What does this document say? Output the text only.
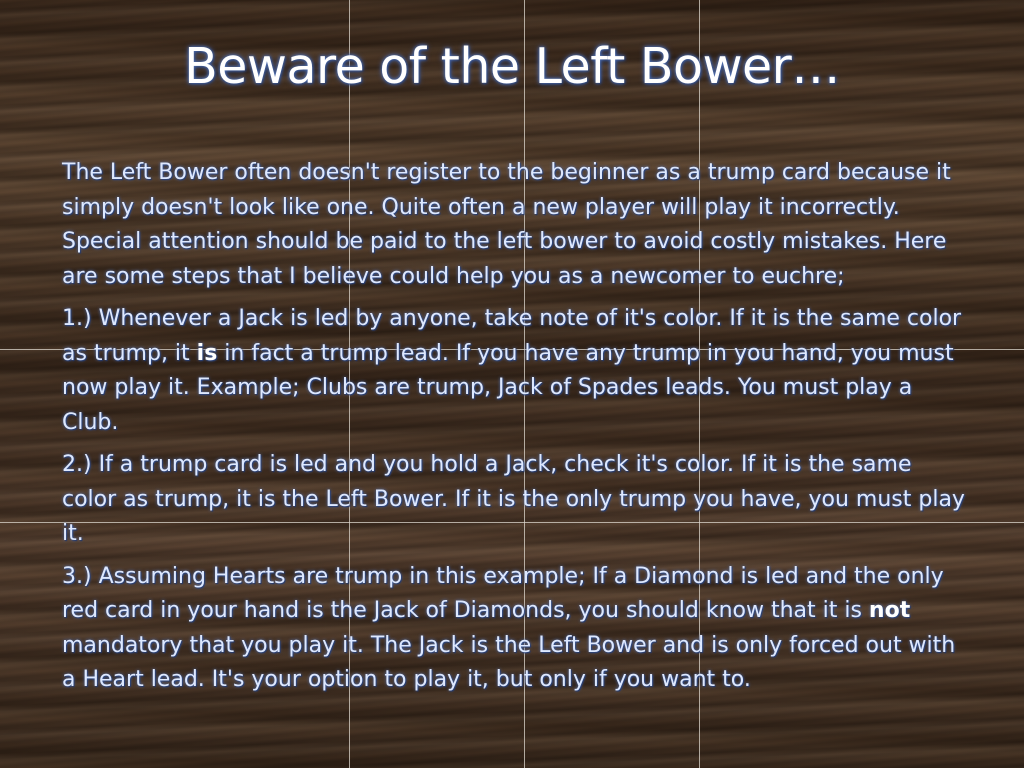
Beware of the Left Bower…

The Left Bower often doesn't register to the beginner as a trump card because it simply doesn't look like one. Quite often a new player will play it incorrectly. Special attention should be paid to the left bower to avoid costly mistakes. Here are some steps that I believe could help you as a newcomer to euchre;

1.) Whenever a Jack is led by anyone, take note of it's color. If it is the same color as trump, it is in fact a trump lead. If you have any trump in you hand, you must now play it. Example; Clubs are trump, Jack of Spades leads. You must play a Club.

2.) If a trump card is led and you hold a Jack, check it's color. If it is the same color as trump, it is the Left Bower. If it is the only trump you have, you must play it.

3.) Assuming Hearts are trump in this example; If a Diamond is led and the only red card in your hand is the Jack of Diamonds, you should know that it is not mandatory that you play it. The Jack is the Left Bower and is only forced out with a Heart lead. It's your option to play it, but only if you want to.
